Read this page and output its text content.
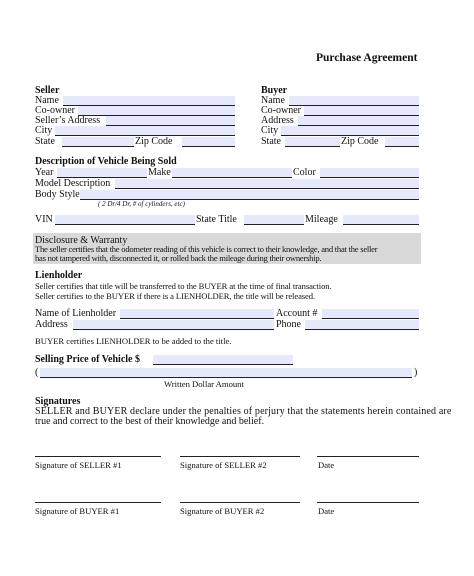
Purchase Agreement
Seller
Name
Co-owner
Seller’s Address
City
State	Zip Code
Buyer
Name
Co-owner
Address
City
State	Zip Code
Description of Vehicle Being Sold
Year	Make	Color
Model Description
Body Style
( 2 Dr/4 Dr, # of cylinders, etc)
VIN	State Title	Mileage
Disclosure & Warranty
The seller certifies that the odometer reading of this vehicle is correct to their knowledge, and that the seller
has not tampered with, disconnected it, or rolled back the mileage during their ownership.
Lienholder
Seller certifies that title will be transferred to the BUYER at the time of final transaction.
Seller certifies to the BUYER if there is a LIENHOLDER, the title will be released.
Name of Lienholder	Account #
Address	Phone
BUYER certifies LIENHOLDER to be added to the title.
Selling Price of Vehicle $
(	)
Written Dollar Amount
Signatures
SELLER and BUYER declare under the penalties of perjury that the statements herein contained are
true and correct to the best of their knowledge and belief.
Signature of SELLER #1	Signature of SELLER #2	Date
Signature of BUYER #1	Signature of BUYER #2	Date
